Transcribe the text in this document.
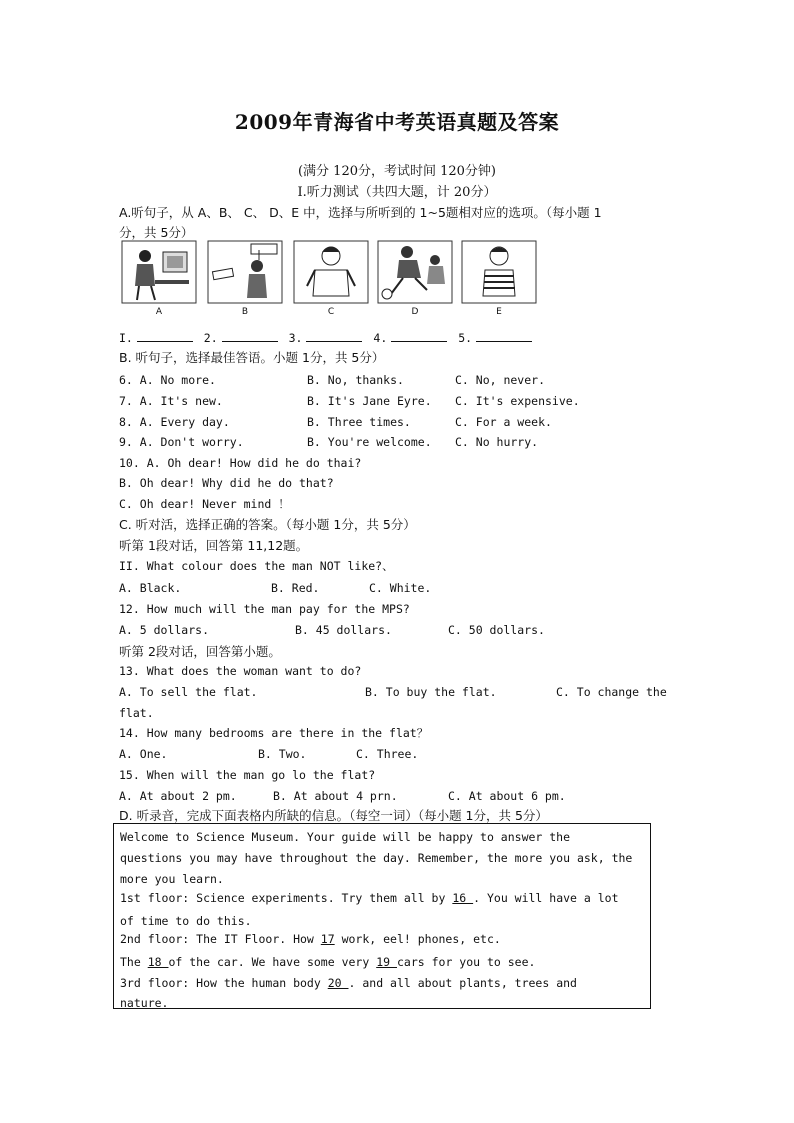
2009年青海省中考英语真题及答案
(满分 120分，考试时间 120分钟)
I.听力测试（共四大题，计 20分）
A.听句子，从 A、B、 C、 D、E 中，选择与所听到的 1~5题相对应的选项。（每小题 1
分，共 5分）
A	B	C	D	E
I.	2.	3.	4.	5.
B. 听句子，选择最佳答语。小题 1分，共 5分）
6. A. No more.	B. No, thanks.	C. No, never.
7. A. It's new.	B. It's Jane Eyre. C. It's expensive.
8. A. Every day.	B. Three times.	C. For a week.
9. A. Don't worry.	B. You're welcome. C. No hurry.
10. A. Oh dear! How did he do thai?
B. Oh dear! Why did he do that?
C. Oh dear! Never mind ！
C. 听对活，选择正确的答案。（每小题 1分，共 5分）
听第 1段对话，回答第 11,12题。
II. What colour does the man NOT like?、
A. Black.	B. Red.	C. White.
12. How much will the man pay for the MPS?
A. 5 dollars.	B. 45 dollars.	C. 50 dollars.
听第 2段对话，回答第小题。
13. What does the woman want to do?
A. To sell the flat.	B. To buy the flat.	C. To change the
flat.
14. How many bedrooms are there in the flat？
A. One.	B. Two.	C. Three.
15. When will the man go lo the flat?
A. At about 2 pm.	B. At about 4 prn.	C. At about 6 pm.
D. 听录音，完成下面表格内所缺的信息。（每空一词）（每小题 1分，共 5分）
Welcome to Science Museum. Your guide will be happy to answer the
questions you may have throughout the day. Remember, the more you ask, the
more you learn.
1st floor: Science experiments. Try them all by 16 . You will have a lot
of time to do this.
2nd floor: The IT Floor. How 17 work, eel! phones, etc.
The 18 of the car. We have some very 19 cars for you to see.
3rd floor: How the human body 20 . and all about plants, trees and
nature.
